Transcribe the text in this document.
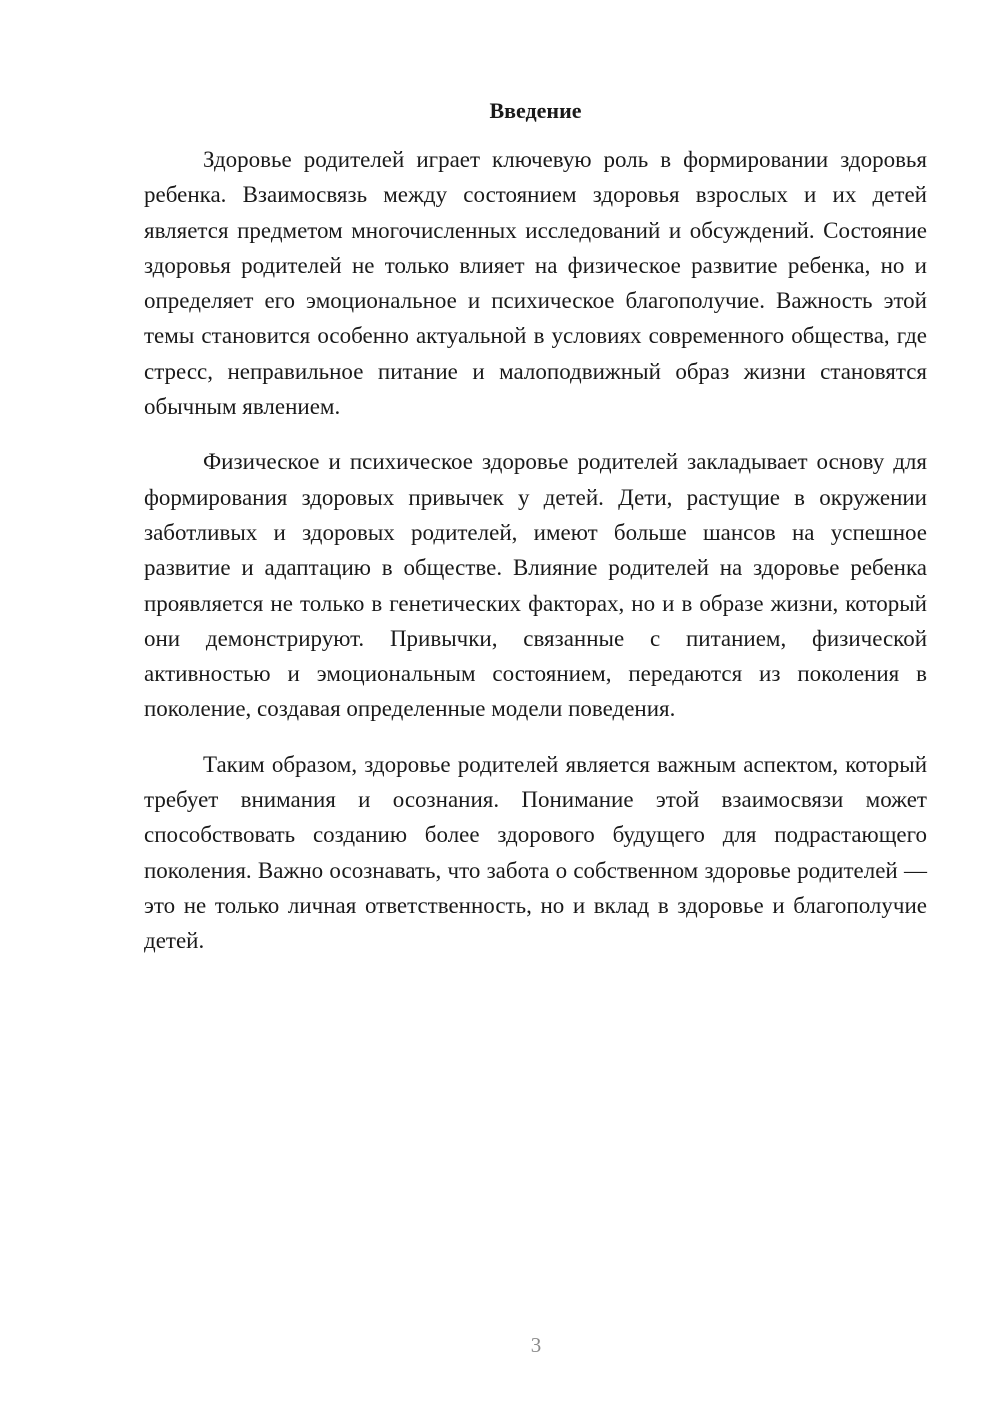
Введение

Здоровье родителей играет ключевую роль в формировании здоровья ребенка. Взаимосвязь между состоянием здоровья взрослых и их детей является предметом многочисленных исследований и обсуждений. Состояние здоровья родителей не только влияет на физическое развитие ребенка, но и определяет его эмоциональное и психическое благополучие. Важность этой темы становится особенно актуальной в условиях современного общества, где стресс, неправильное питание и малоподвижный образ жизни становятся обычным явлением.

Физическое и психическое здоровье родителей закладывает основу для формирования здоровых привычек у детей. Дети, растущие в окружении заботливых и здоровых родителей, имеют больше шансов на успешное развитие и адаптацию в обществе. Влияние родителей на здоровье ребенка проявляется не только в генетических факторах, но и в образе жизни, который они демонстрируют. Привычки, связанные с питанием, физической активностью и эмоциональным состоянием, передаются из поколения в поколение, создавая определенные модели поведения.

Таким образом, здоровье родителей является важным аспектом, который требует внимания и осознания. Понимание этой взаимосвязи может способствовать созданию более здорового будущего для подрастающего поколения. Важно осознавать, что забота о собственном здоровье родителей — это не только личная ответственность, но и вклад в здоровье и благополучие детей.

3
